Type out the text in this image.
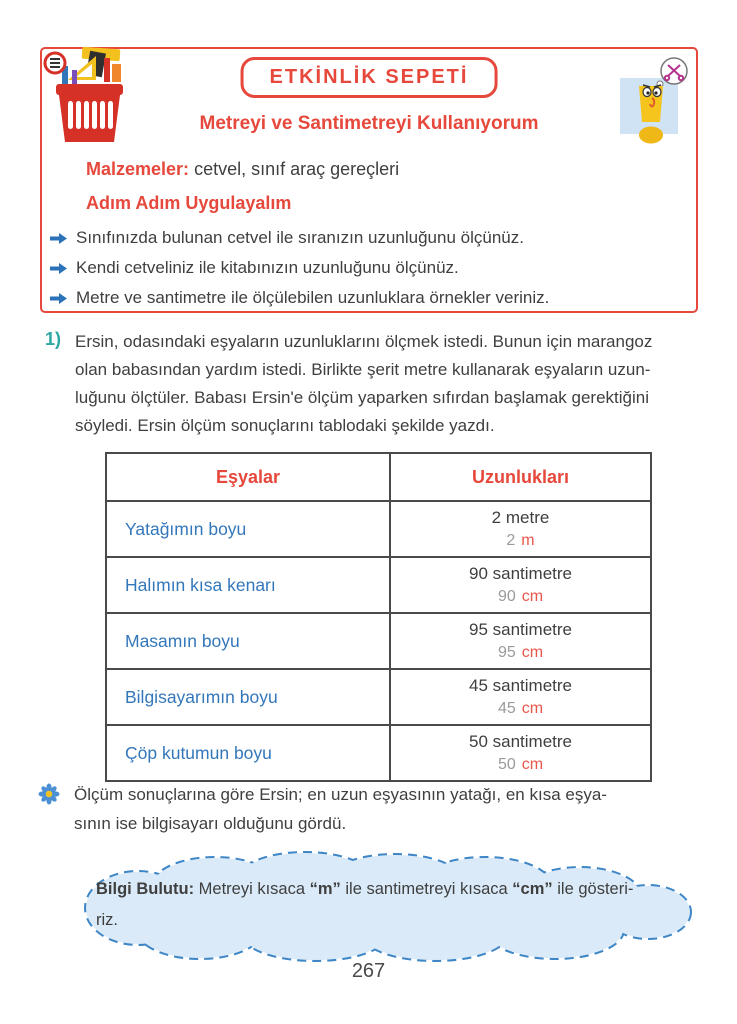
ETKİNLİK SEPETİ
Metreyi ve Santimetreyi Kullanıyorum
Malzemeler: cetvel, sınıf araç gereçleri
Adım Adım Uygulayalım
Sınıfınızda bulunan cetvel ile sıranızın uzunluğunu ölçünüz.
Kendi cetveliniz ile kitabınızın uzunluğunu ölçünüz.
Metre ve santimetre ile ölçülebilen uzunluklara örnekler veriniz.
1) Ersin, odasındaki eşyaların uzunluklarını ölçmek istedi. Bunun için marangoz
olan babasından yardım istedi. Birlikte şerit metre kullanarak eşyaların uzun-
luğunu ölçtüler. Babası Ersin'e ölçüm yaparken sıfırdan başlamak gerektiğini
söyledi. Ersin ölçüm sonuçlarını tablodaki şekilde yazdı.
Eşyalar	Uzunlukları
Yatağımın boyu	2 metre
2 m

Halımın kısa kenarı	90 santimetre
90 cm

Masamın boyu	95 santimetre
95 cm

Bilgisayarımın boyu	45 santimetre
45 cm

Çöp kutumun boyu	50 santimetre
50 cm
Ölçüm sonuçlarına göre Ersin; en uzun eşyasının yatağı, en kısa eşya-
sının ise bilgisayarı olduğunu gördü.
Bilgi Bulutu: Metreyi kısaca “m” ile santimetreyi kısaca “cm” ile gösteri-
riz.
267
